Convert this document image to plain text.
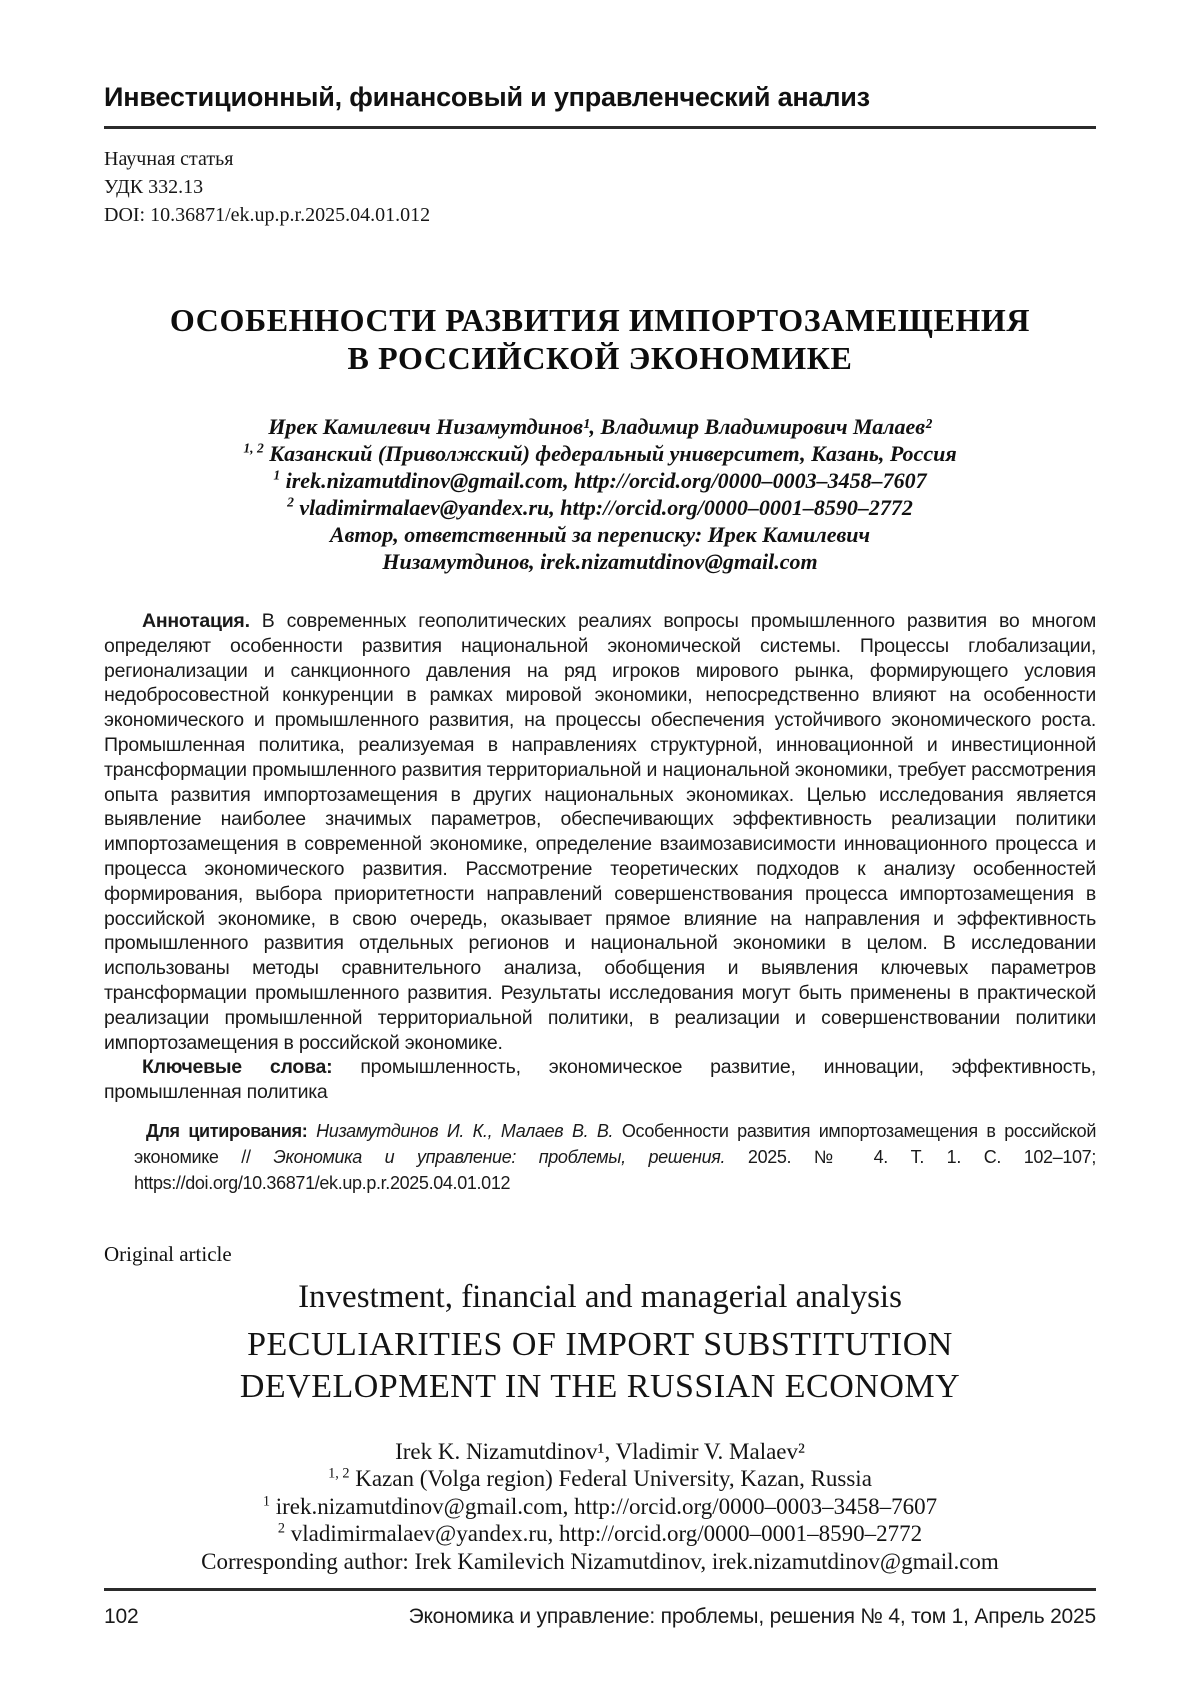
Инвестиционный, финансовый и управленческий анализ
Научная статья
УДК 332.13
DOI: 10.36871/ek.up.p.r.2025.04.01.012
ОСОБЕННОСТИ РАЗВИТИЯ ИМПОРТОЗАМЕЩЕНИЯ
В РОССИЙСКОЙ ЭКОНОМИКЕ
Ирек Камилевич Низамутдинов¹, Владимир Владимирович Малаев²
$^{1, 2}$ Казанский (Приволжский) федеральный университет, Казань, Россия
$^1$ irek.nizamutdinov@gmail.com, http://orcid.org/0000–0003–3458–7607
$^2$ vladimirmalaev@yandex.ru, http://orcid.org/0000–0001–8590–2772
Автор, ответственный за переписку: Ирек Камилевич
Низамутдинов, irek.nizamutdinov@gmail.com

Аннотация. В современных геополитических реалиях вопросы промышленного развития во многом определяют особенности развития национальной экономической системы. Процессы глобализации, регионализации и санкционного давления на ряд игроков мирового рынка, формирующего условия недобросовестной конкуренции в рамках мировой экономики, непосредственно влияют на особенности экономического и промышленного развития, на процессы обеспечения устойчивого экономического роста. Промышленная политика, реализуемая в направлениях структурной, инновационной и инвестиционной трансформации промышленного развития территориальной и национальной экономики, требует рассмотрения опыта развития импортозамещения в других национальных экономиках. Целью исследования является выявление наиболее значимых параметров, обеспечивающих эффективность реализации политики импортозамещения в современной экономике, определение взаимозависимости инновационного процесса и процесса экономического развития. Рассмотрение теоретических подходов к анализу особенностей формирования, выбора приоритетности направлений совершенствования процесса импортозамещения в российской экономике, в свою очередь, оказывает прямое влияние на направления и эффективность промышленного развития отдельных регионов и национальной экономики в целом. В исследовании использованы методы сравнительного анализа, обобщения и выявления ключевых параметров трансформации промышленного развития. Результаты исследования могут быть применены в практической реализации промышленной территориальной политики, в реализации и совершенствовании политики импортозамещения в российской экономике.

Ключевые слова: промышленность, экономическое развитие, инновации, эффективность, промышленная политика

Для цитирования: Низамутдинов И. К., Малаев В. В. Особенности развития импортозамещения в российской экономике // Экономика и управление: проблемы, решения. 2025. № 4. Т. 1. С. 102–107; https://doi.org/10.36871/ek.up.p.r.2025.04.01.012

Original article
Investment, financial and managerial analysis
PECULIARITIES OF IMPORT SUBSTITUTION
DEVELOPMENT IN THE RUSSIAN ECONOMY
Irek K. Nizamutdinov¹, Vladimir V. Malaev²
$^{1, 2}$ Kazan (Volga region) Federal University, Kazan, Russia
$^1$ irek.nizamutdinov@gmail.com, http://orcid.org/0000–0003–3458–7607
$^2$ vladimirmalaev@yandex.ru, http://orcid.org/0000–0001–8590–2772
Corresponding author: Irek Kamilevich Nizamutdinov, irek.nizamutdinov@gmail.com
102	Экономика и управление: проблемы, решения № 4, том 1, Апрель 2025
